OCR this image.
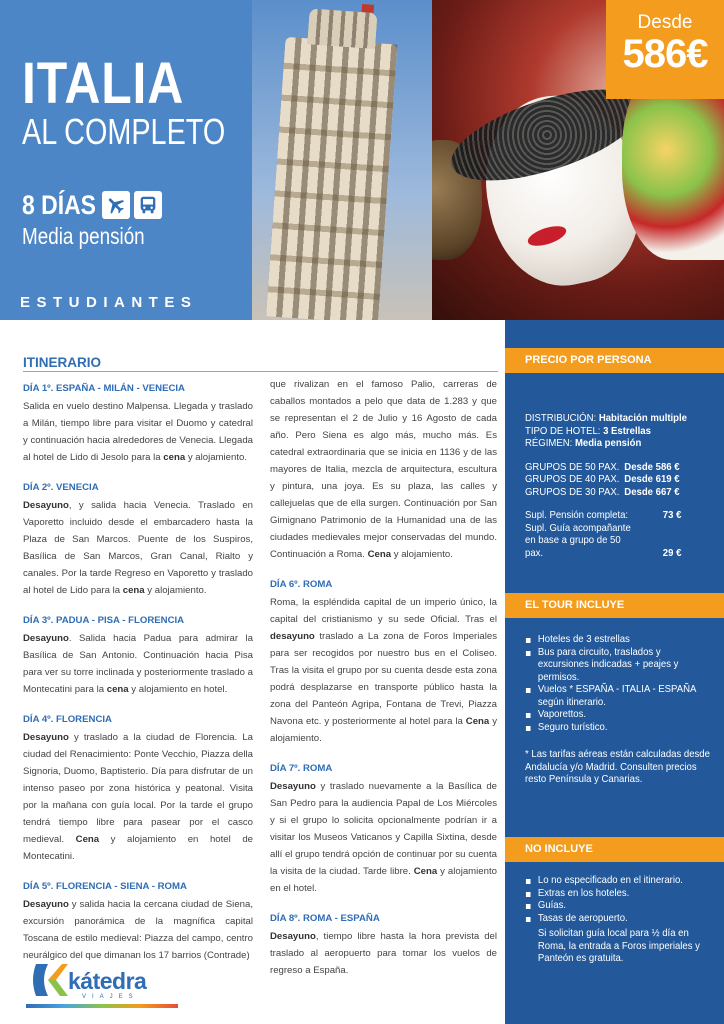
Desde
586€
ITALIA
AL COMPLETO
8 DÍAS
Media pensión
ESTUDIANTES
ITINERARIO
DÍA 1º. ESPAÑA - MILÁN - VENECIA

Salida en vuelo destino Malpensa. Llegada y traslado a Milán, tiempo libre para visitar el Duomo y catedral y continuación hacia alrededores de Venecia. Llegada al hotel de Lido di Jesolo para la cena y alojamiento.

DÍA 2º. VENECIA

Desayuno, y salida hacia Venecia. Traslado en Vaporetto incluido desde el embarcadero hasta la Plaza de San Marcos. Puente de los Suspiros, Basílica de San Marcos, Gran Canal, Rialto y canales. Por la tarde Regreso en Vaporetto y traslado al hotel de Lido para la cena y alojamiento.

DÍA 3º. PADUA - PISA - FLORENCIA

Desayuno. Salida hacia Padua para admirar la Basílica de San Antonio. Continuación hacia Pisa para ver su torre inclinada y posteriormente traslado a Montecatini para la cena y alojamiento en hotel.

DÍA 4º. FLORENCIA

Desayuno y traslado a la ciudad de Florencia. La ciudad del Renacimiento: Ponte Vecchio, Piazza della Signoria, Duomo, Baptisterio. Día para disfrutar de un intenso paseo por zona histórica y peatonal. Visita por la mañana con guía local. Por la tarde el grupo tendrá tiempo libre para pasear por el casco medieval. Cena y alojamiento en hotel de Montecatini.

DÍA 5º. FLORENCIA - SIENA - ROMA

Desayuno y salida hacia la cercana ciudad de Siena, excursión panorámica de la magnífica capital Toscana de estilo medieval: Piazza del campo, centro neurálgico del que dimanan los 17 barrios (Contrade)

que rivalizan en el famoso Palio, carreras de caballos montados a pelo que data de 1.283 y que se representan el 2 de Julio y 16 Agosto de cada año. Pero Siena es algo más, mucho más. Es catedral extraordinaria que se inicia en 1136 y de las mayores de Italia, mezcla de arquitectura, escultura y pintura, una joya. Es su plaza, las calles y callejuelas que de ella surgen. Continuación por San Gimignano Patrimonio de la Humanidad una de las ciudades medievales mejor conservadas del mundo. Continuación a Roma. Cena y alojamiento.

DÍA 6º. ROMA

Roma, la espléndida capital de un imperio único, la capital del cristianismo y su sede Oficial. Tras el desayuno traslado a La zona de Foros Imperiales para ser recogidos por nuestro bus en el Coliseo. Tras la visita el grupo por su cuenta desde esta zona podrá desplazarse en transporte público hasta la zona del Panteón Agripa, Fontana de Trevi, Piazza Navona etc. y posteriormente al hotel para la Cena y alojamiento.

DÍA 7º. ROMA

Desayuno y traslado nuevamente a la Basílica de San Pedro para la audiencia Papal de Los Miércoles y si el grupo lo solicita opcionalmente podrían ir a visitar los Museos Vaticanos y Capilla Sixtina, desde allí el grupo tendrá opción de continuar por su cuenta la visita de la ciudad. Tarde libre. Cena y alojamiento en el hotel.

DÍA 8º. ROMA - ESPAÑA

Desayuno, tiempo libre hasta la hora prevista del traslado al aeropuerto para tomar los vuelos de regreso a España.

PRECIO POR PERSONA
DISTRIBUCIÓN: Habitación multiple
TIPO DE HOTEL: 3 Estrellas
RÉGIMEN: Media pensión
GRUPOS DE 50 PAX. Desde 586 €
GRUPOS DE 40 PAX. Desde 619 €
GRUPOS DE 30 PAX. Desde 667 €
Supl. Pensión completa:	73 €
Supl. Guía acompañante en base a grupo de 50 pax.	29 €
EL TOUR INCLUYE
Hoteles de 3 estrellas
Bus para circuito, traslados y excursiones indicadas + peajes y permisos.
Vuelos * ESPAÑA - ITALIA - ESPAÑA según itinerario.
Vaporettos.
Seguro turístico.
* Las tarifas aéreas están calculadas desde Andalucía y/o Madrid. Consulten precios resto Península y Canarias.
NO INCLUYE
Lo no especificado en el itinerario.
Extras en los hoteles.
Guías.
Tasas de aeropuerto.
Si solicitan guía local para ½ día en Roma, la entrada a Foros imperiales y Panteón es gratuita.
kátedra
VIAJES
